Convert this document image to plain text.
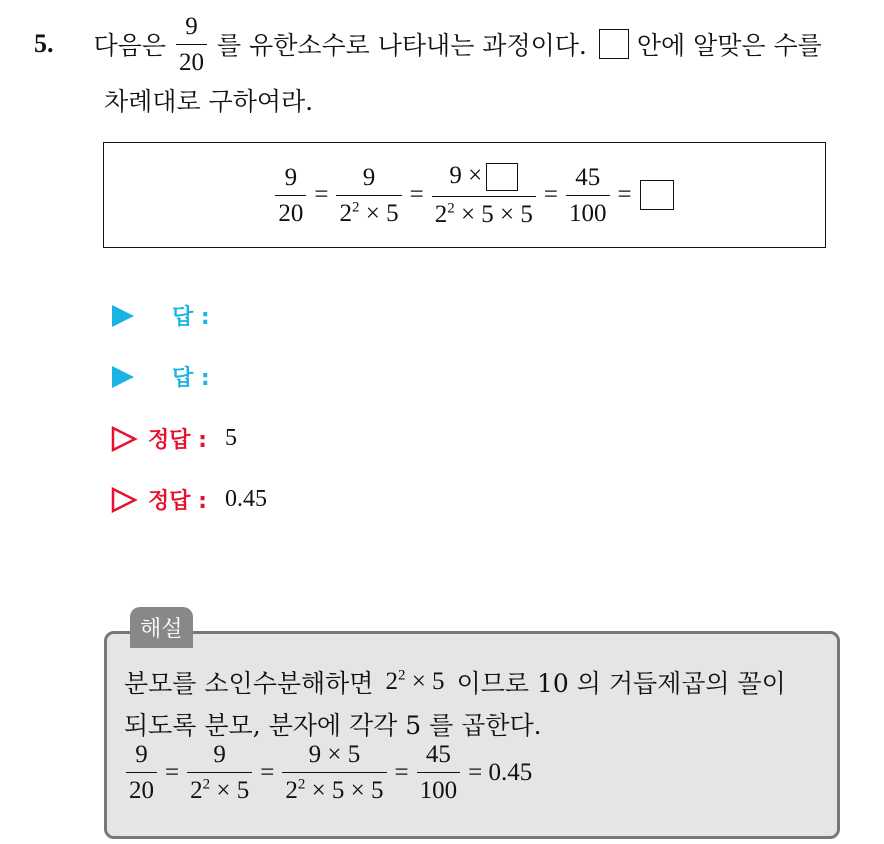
5. 다음은 $\frac{9}{20}$ 를 유한소수로 나타내는 과정이다. 안에 알맞은 수를
차례대로 구하여라.
$\frac{9}{20} = \frac{9}{2^2 \times 5} = \frac{9 \times}{2^2 \times 5 \times 5} = \frac{45}{100}$ =
답 :
답 :
정답 : 5
정답 : 0.45
해설
분모를 소인수분해하면 $2^2 \times 5$ 이므로 10 의 거듭제곱의 꼴이
되도록 분모, 분자에 각각 5 를 곱한다.
$\frac{9}{20} = \frac{9}{2^2 \times 5} = \frac{9 \times 5}{2^2 \times 5 \times 5} = \frac{45}{100} = 0.45$
